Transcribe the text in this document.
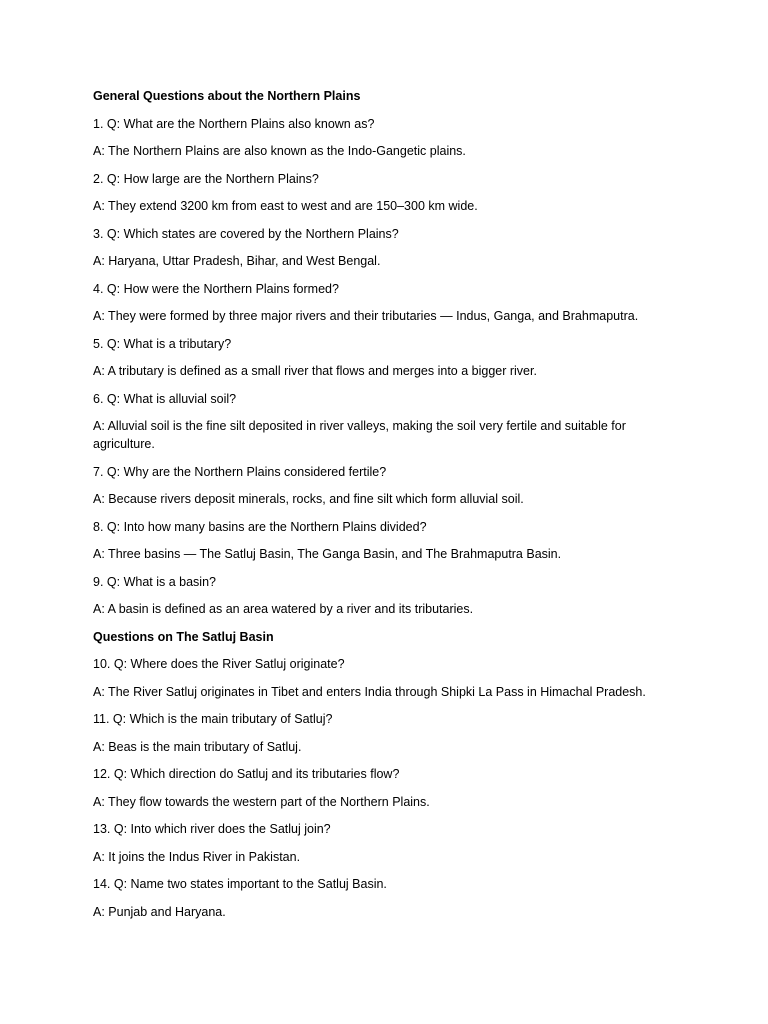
General Questions about the Northern Plains
1. Q: What are the Northern Plains also known as?
A: The Northern Plains are also known as the Indo-Gangetic plains.
2. Q: How large are the Northern Plains?
A: They extend 3200 km from east to west and are 150–300 km wide.
3. Q: Which states are covered by the Northern Plains?
A: Haryana, Uttar Pradesh, Bihar, and West Bengal.
4. Q: How were the Northern Plains formed?
A: They were formed by three major rivers and their tributaries — Indus, Ganga, and Brahmaputra.
5. Q: What is a tributary?
A: A tributary is defined as a small river that flows and merges into a bigger river.
6. Q: What is alluvial soil?
A: Alluvial soil is the fine silt deposited in river valleys, making the soil very fertile and suitable for agriculture.
7. Q: Why are the Northern Plains considered fertile?
A: Because rivers deposit minerals, rocks, and fine silt which form alluvial soil.
8. Q: Into how many basins are the Northern Plains divided?
A: Three basins — The Satluj Basin, The Ganga Basin, and The Brahmaputra Basin.
9. Q: What is a basin?
A: A basin is defined as an area watered by a river and its tributaries.
Questions on The Satluj Basin
10. Q: Where does the River Satluj originate?
A: The River Satluj originates in Tibet and enters India through Shipki La Pass in Himachal Pradesh.
11. Q: Which is the main tributary of Satluj?
A: Beas is the main tributary of Satluj.
12. Q: Which direction do Satluj and its tributaries flow?
A: They flow towards the western part of the Northern Plains.
13. Q: Into which river does the Satluj join?
A: It joins the Indus River in Pakistan.
14. Q: Name two states important to the Satluj Basin.
A: Punjab and Haryana.
